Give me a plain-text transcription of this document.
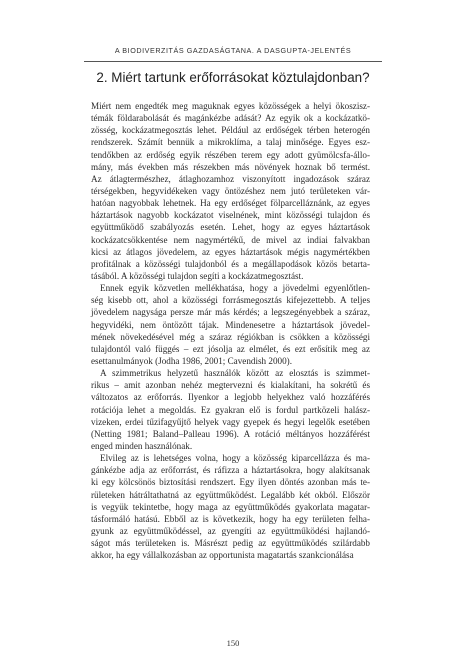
A BIODIVERZITÁS GAZDASÁGTANA. A DASGUPTA-JELENTÉS
2. Miért tartunk erőforrásokat köztulajdonban?
Miért nem engedték meg maguknak egyes közösségek a helyi ökoszisz-
témák földarabolását és magánkézbe adását? Az egyik ok a kockázatkö-
zösség, kockázatmegosztás lehet. Például az erdőségek térben heterogén
rendszerek. Számít bennük a mikroklíma, a talaj minősége. Egyes esz-
tendőkben az erdőség egyik részében terem egy adott gyümölcsfa-állo-
mány, más években más részekben más növények hoznak bő termést.
Az átlagtermészhez, átlaghozamhoz viszonyított ingadozások száraz
térségekben, hegyvidékeken vagy öntözéshez nem jutó területeken vár-
hatóan nagyobbak lehetnek. Ha egy erdőséget fölparcelláznánk, az egyes
háztartások nagyobb kockázatot viselnének, mint közösségi tulajdon és
együttműködő szabályozás esetén. Lehet, hogy az egyes háztartások
kockázatcsökkentése nem nagymértékű, de mivel az indiai falvakban
kicsi az átlagos jövedelem, az egyes háztartások mégis nagymértékben
profitálnak a közösségi tulajdonból és a megállapodások közös betarta-
tásából. A közösségi tulajdon segíti a kockázatmegosztást.
Ennek egyik közvetlen mellékhatása, hogy a jövedelmi egyenlőtlen-
ség kisebb ott, ahol a közösségi forrásmegosztás kifejezettebb. A teljes
jövedelem nagysága persze már más kérdés; a legszegényebbek a száraz,
hegyvidéki, nem öntözött tájak. Mindenesetre a háztartások jövedel-
mének növekedésével még a száraz régiókban is csökken a közösségi
tulajdontól való függés – ezt jósolja az elmélet, és ezt erősítik meg az
esettanulmányok (Jodha 1986, 2001; Cavendish 2000).
A szimmetrikus helyzetű használók között az elosztás is szimmet-
rikus – amit azonban nehéz megtervezni és kialakítani, ha sokrétű és
változatos az erőforrás. Ilyenkor a legjobb helyekhez való hozzáférés
rotációja lehet a megoldás. Ez gyakran elő is fordul partközeli halász-
vizeken, erdei tűzifagyűjtő helyek vagy gyepek és hegyi legelők esetében
(Netting 1981; Baland–Palleau 1996). A rotáció méltányos hozzáférést
enged minden használónak.
Elvileg az is lehetséges volna, hogy a közösség kiparcellázza és ma-
gánkézbe adja az erőforrást, és ráfizza a háztartásokra, hogy alakítsanak
ki egy kölcsönös biztosítási rendszert. Egy ilyen döntés azonban más te-
rületeken hátráltathatná az együttműködést. Legalább két okból. Először
is vegyük tekintetbe, hogy maga az együttműködés gyakorlata magatar-
tásformáló hatású. Ebből az is következik, hogy ha egy területen felha-
gyunk az együttműködéssel, az gyengíti az együttműködési hajlandó-
ságot más területeken is. Másrészt pedig az együttműködés szilárdabb
akkor, ha egy vállalkozásban az opportunista magatartás szankcionálása
150
